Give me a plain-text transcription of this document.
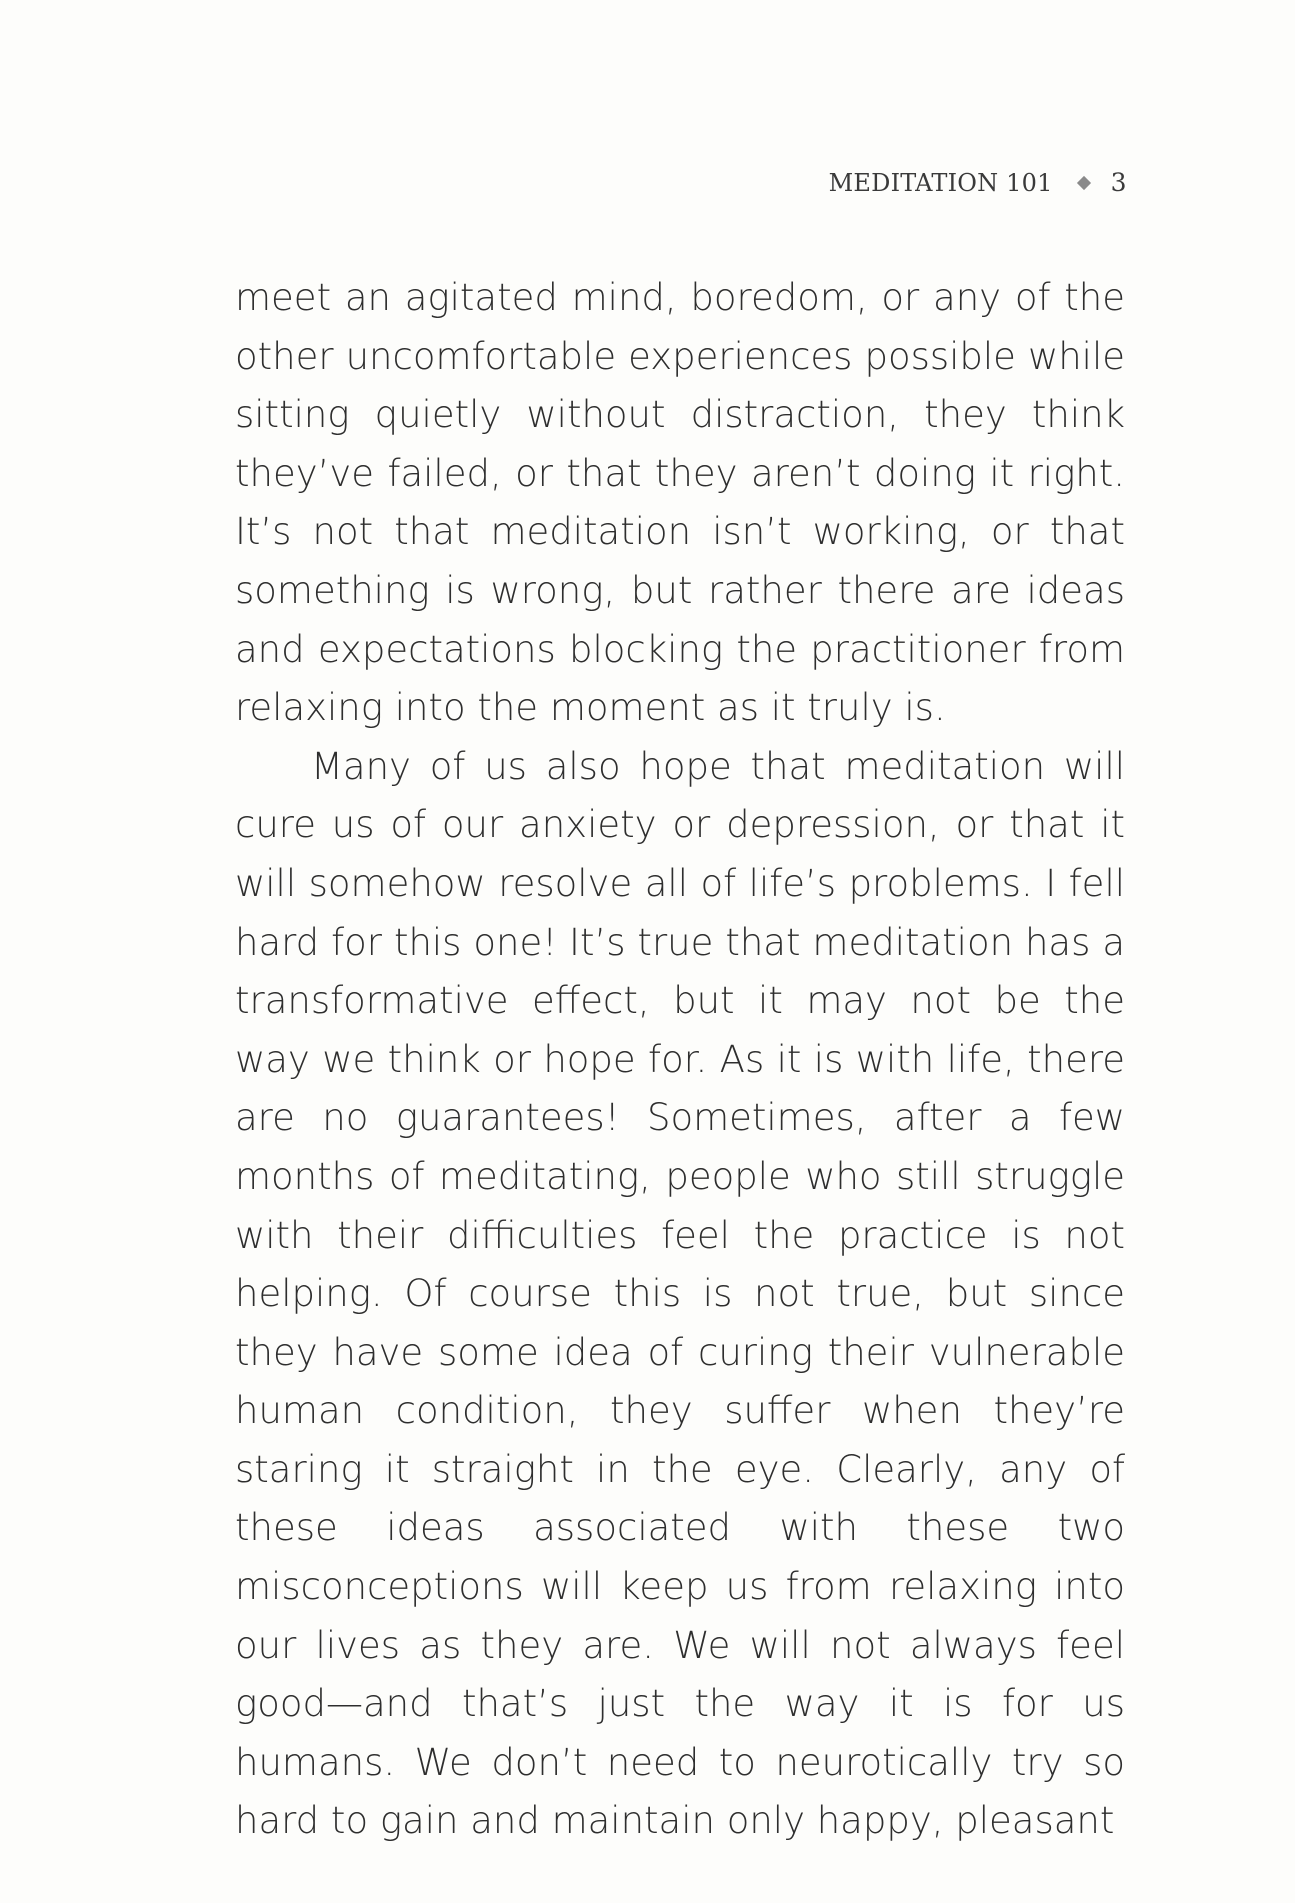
MEDITATION 101 3

meet an agitated mind, boredom, or any of the other uncomfortable experiences possible while sitting quietly without distraction, they think they’ve failed, or that they aren’t doing it right. It’s not that meditation isn’t working, or that something is wrong, but rather there are ideas and expectations blocking the practitioner from relaxing into the moment as it truly is.

Many of us also hope that meditation will cure us of our anxiety or depression, or that it will somehow resolve all of life’s problems. I fell hard for this one! It’s true that meditation has a transformative effect, but it may not be the way we think or hope for. As it is with life, there are no guarantees! Sometimes, after a few months of meditating, people who still struggle with their difficulties feel the practice is not helping. Of course this is not true, but since they have some idea of curing their vulnerable human condition, they suffer when they’re staring it straight in the eye. Clearly, any of these ideas associated with these two misconceptions will keep us from relaxing into our lives as they are. We will not always feel good—and that’s just the way it is for us humans. We don’t need to neurotically try so hard to gain and maintain only happy, pleasant
